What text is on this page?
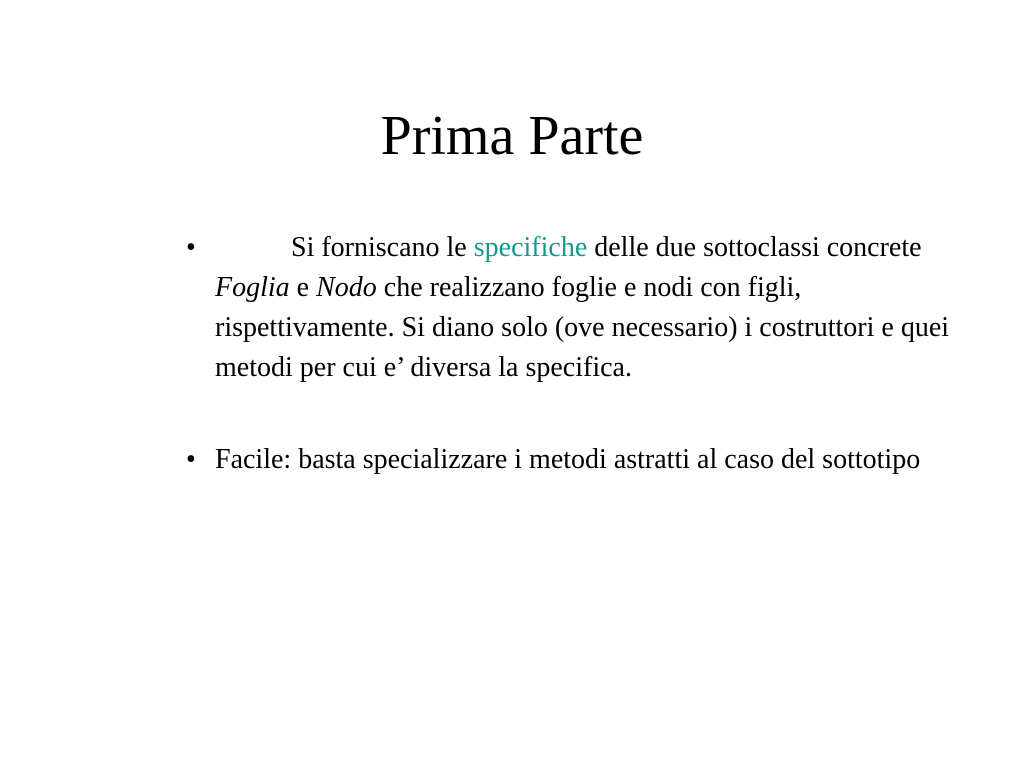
Prima Parte
•	Si forniscano le specifiche delle due sottoclassi concrete Foglia e Nodo che realizzano foglie e nodi con figli, rispettivamente. Si diano solo (ove necessario) i costruttori e quei metodi per cui e’ diversa la specifica.
• Facile: basta specializzare i metodi astratti al caso del sottotipo
